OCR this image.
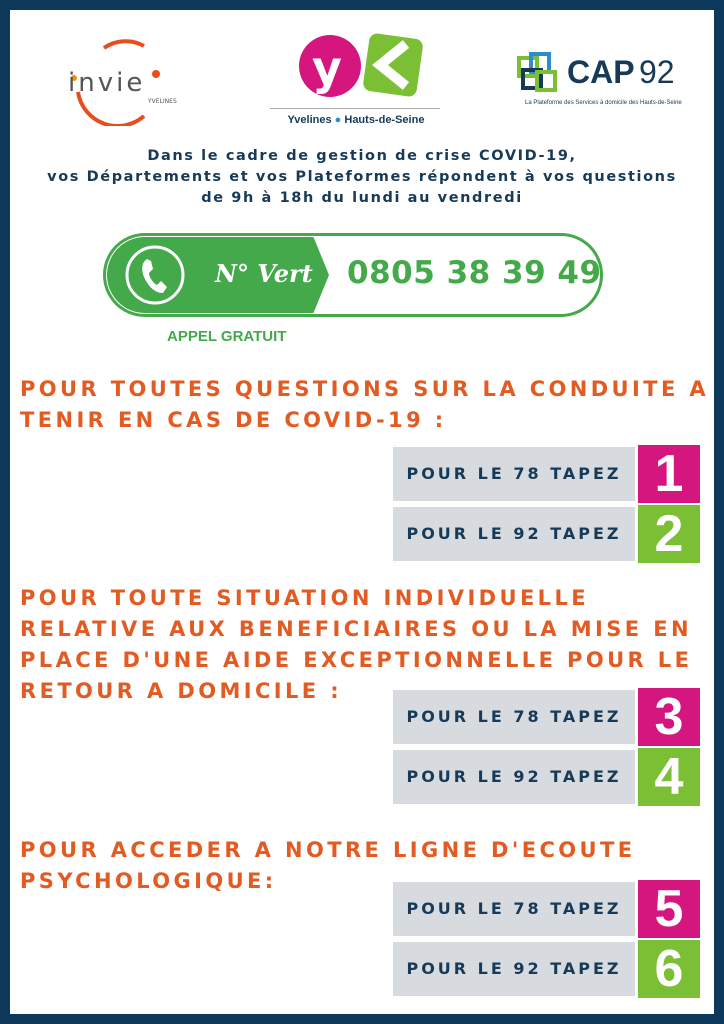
invie
YVELINES
y
Yvelines ● Hauts-de-Seine
CAP 92
La Plateforme des Services à domicile des Hauts-de-Seine
Dans le cadre de gestion de crise COVID-19,
vos Départements et vos Plateformes répondent à vos questions
de 9h à 18h du lundi au vendredi
N° Vert 0805 38 39 49
APPEL GRATUIT
POUR TOUTES QUESTIONS SUR LA CONDUITE A
TENIR EN CAS DE COVID-19 :
POUR LE 78 TAPEZ 1
POUR LE 92 TAPEZ 2
POUR TOUTE SITUATION INDIVIDUELLE
RELATIVE AUX BENEFICIAIRES OU LA MISE EN
PLACE D'UNE AIDE EXCEPTIONNELLE POUR LE
RETOUR A DOMICILE :
POUR LE 78 TAPEZ 3
POUR LE 92 TAPEZ 4
POUR ACCEDER A NOTRE LIGNE D'ECOUTE
PSYCHOLOGIQUE:
POUR LE 78 TAPEZ 5
POUR LE 92 TAPEZ 6
